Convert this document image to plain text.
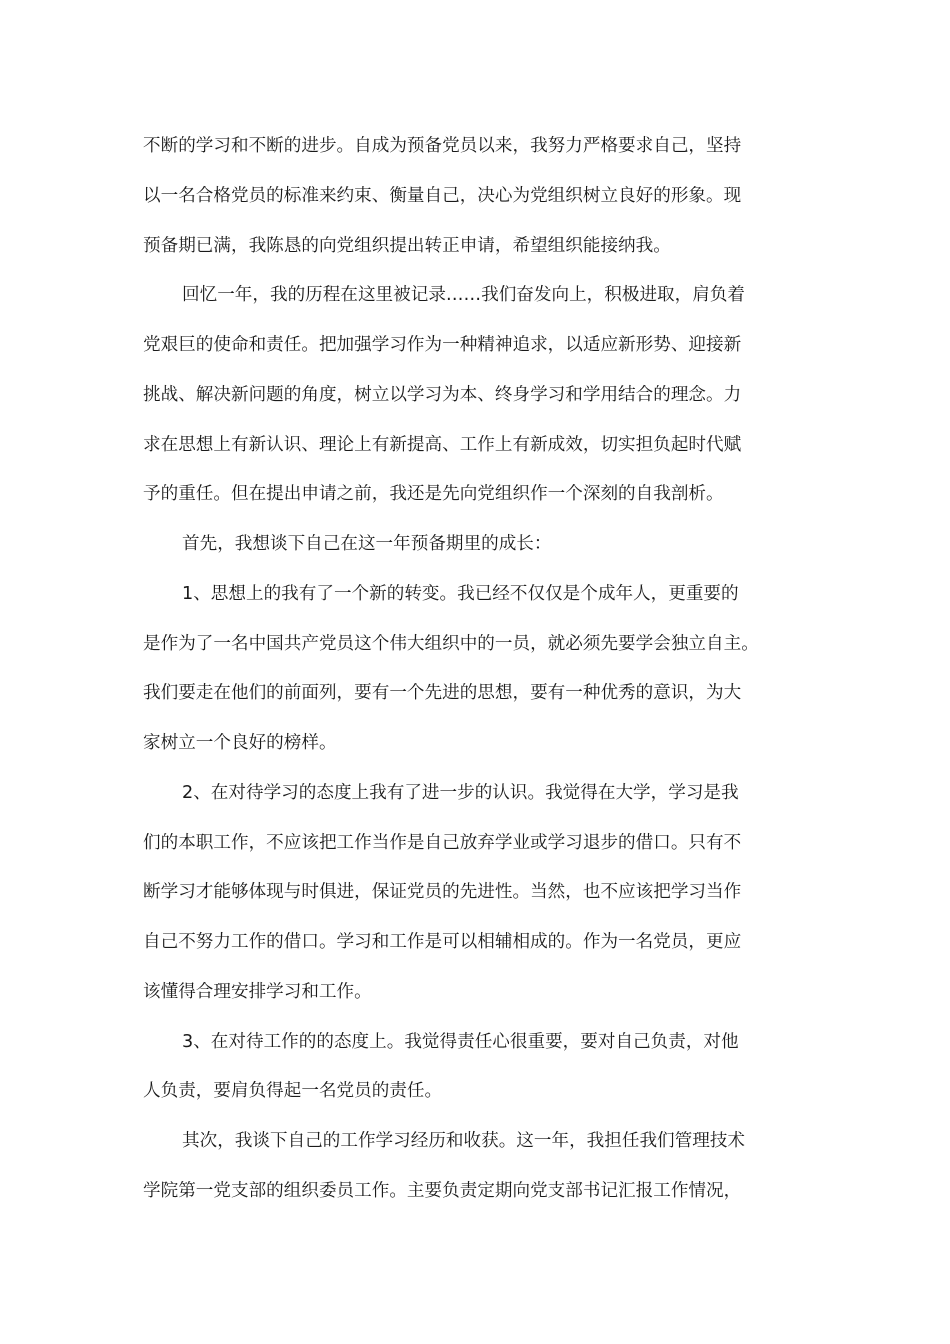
不断的学习和不断的进步。自成为预备党员以来，我努力严格要求自己，坚持
以一名合格党员的标准来约束、衡量自己，决心为党组织树立良好的形象。现
预备期已满，我陈恳的向党组织提出转正申请，希望组织能接纳我。
回忆一年，我的历程在这里被记录……我们奋发向上，积极进取，肩负着
党艰巨的使命和责任。把加强学习作为一种精神追求，以适应新形势、迎接新
挑战、解决新问题的角度，树立以学习为本、终身学习和学用结合的理念。力
求在思想上有新认识、理论上有新提高、工作上有新成效，切实担负起时代赋
予的重任。但在提出申请之前，我还是先向党组织作一个深刻的自我剖析。
首先，我想谈下自己在这一年预备期里的成长：
1、思想上的我有了一个新的转变。我已经不仅仅是个成年人，更重要的
是作为了一名中国共产党员这个伟大组织中的一员，就必须先要学会独立自主。
我们要走在他们的前面列，要有一个先进的思想，要有一种优秀的意识，为大
家树立一个良好的榜样。
2、在对待学习的态度上我有了进一步的认识。我觉得在大学，学习是我
们的本职工作，不应该把工作当作是自己放弃学业或学习退步的借口。只有不
断学习才能够体现与时俱进，保证党员的先进性。当然，也不应该把学习当作
自己不努力工作的借口。学习和工作是可以相辅相成的。作为一名党员，更应
该懂得合理安排学习和工作。
3、在对待工作的的态度上。我觉得责任心很重要，要对自己负责，对他
人负责，要肩负得起一名党员的责任。
其次，我谈下自己的工作学习经历和收获。这一年，我担任我们管理技术
学院第一党支部的组织委员工作。主要负责定期向党支部书记汇报工作情况，
